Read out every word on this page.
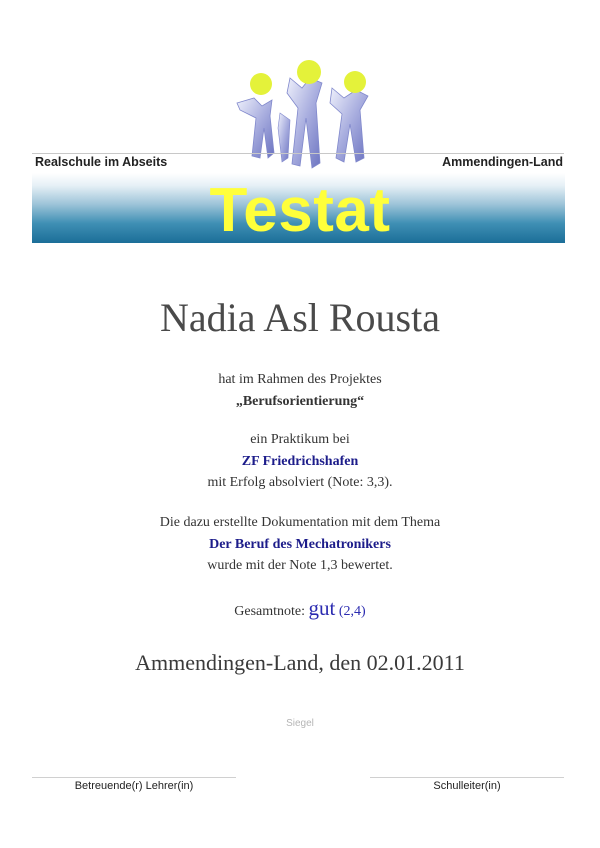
Realschule im Abseits	Ammendingen-Land
Testat
Nadia Asl Rousta
hat im Rahmen des Projektes
„Berufsorientierung“
ein Praktikum bei
ZF Friedrichshafen
mit Erfolg absolviert (Note: 3,3).
Die dazu erstellte Dokumentation mit dem Thema
Der Beruf des Mechatronikers
wurde mit der Note 1,3 bewertet.
Gesamtnote: gut (2,4)
Ammendingen-Land, den 02.01.2011
Siegel
Betreuende(r) Lehrer(in)	Schulleiter(in)
